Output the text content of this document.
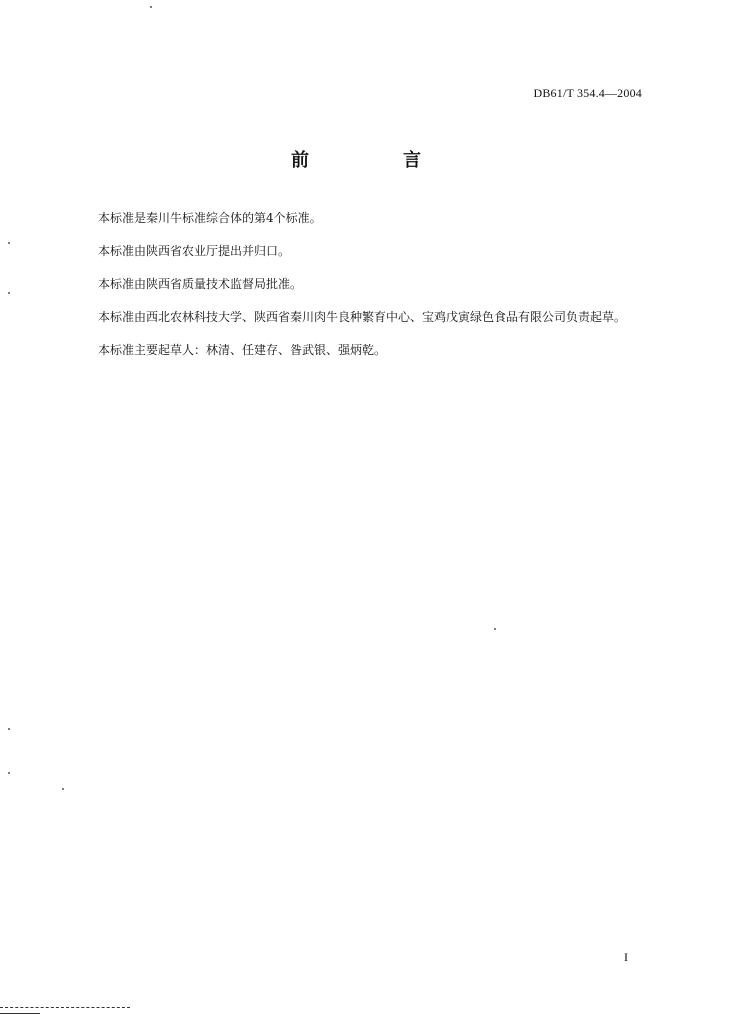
DB61/T 354.4—2004
前　言
本标准是秦川牛标准综合体的第4个标准。
本标准由陕西省农业厅提出并归口。
本标准由陕西省质量技术监督局批准。
本标准由西北农林科技大学、陕西省秦川肉牛良种繁育中心、宝鸡戊寅绿色食品有限公司负责起草。
本标准主要起草人：林清、任建存、昝武银、强炳乾。
I
